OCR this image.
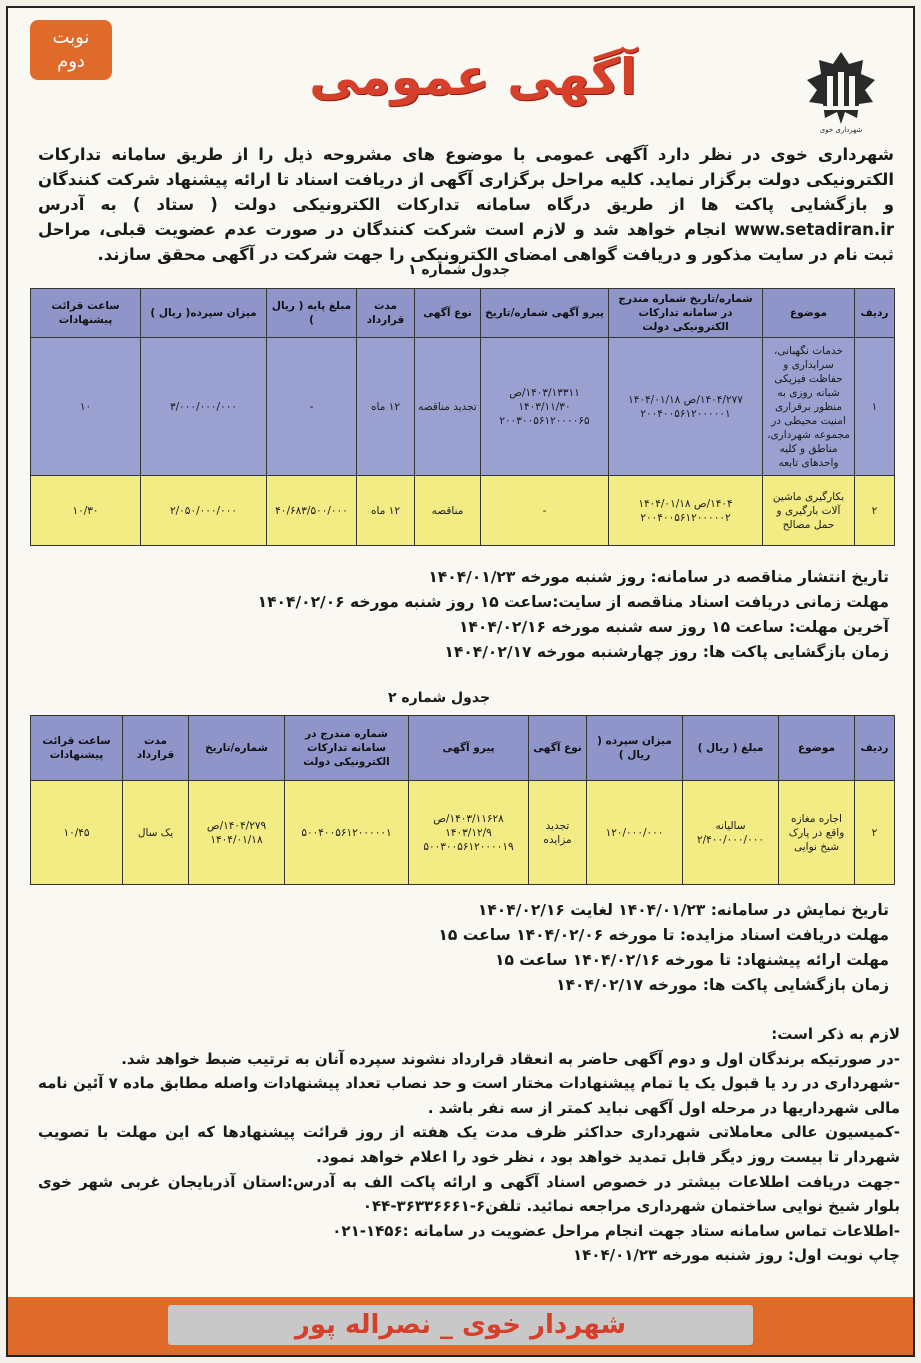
نوبت
دوم	آگهی عمومی
شهرداری خوی
شهرداری خوی در نظر دارد آگهی عمومی با موضوع های مشروحه ذیل را از طریق سامانه تدارکات الکترونیکی دولت برگزار نماید. کلیه مراحل برگزاری آگهی از دریافت اسناد تا ارائه پیشنهاد شرکت کنندگان و بازگشایی پاکت ها از طریق درگاه سامانه تدارکات الکترونیکی دولت ( ستاد ) به آدرس www.setadiran.ir انجام خواهد شد و لازم است شرکت کنندگان در صورت عدم عضویت قبلی، مراحل ثبت نام در سایت مذکور و دریافت گواهی امضای الکترونیکی را جهت شرکت در آگهی محقق سازند.
جدول شماره ۱
ردیف	موضوع	شماره/تاریخ شماره مندرج در سامانه تدارکات الکترونیکی دولت	پیرو آگهی شماره/تاریخ	نوع آگهی	مدت قرارداد	مبلغ پایه ( ریال )	میزان سپرده( ریال )	ساعت قرائت پیشنهادات
۱	خدمات نگهبانی، سرایداری و حفاظت فیزیکی شبانه روزی به منظور برقراری امنیت محیطی در مجموعه شهرداری، مناطق و کلیه واحدهای تابعه	۱۴۰۴/۲۷۷/ص ۱۴۰۴/۰۱/۱۸ ۲۰۰۴۰۰۵۶۱۲۰۰۰۰۰۱	۱۴۰۳/۱۳۳۱۱/ص ۱۴۰۳/۱۱/۳۰ ۲۰۰۳۰۰۵۶۱۲۰۰۰۰۶۵	تجدید مناقصه	۱۲ ماه	-	۳/۰۰۰/۰۰۰/۰۰۰	۱۰
۲	بکارگیری ماشین آلات بارگیری و حمل مصالح	۱۴۰۴/ص ۱۴۰۴/۰۱/۱۸ ۲۰۰۴۰۰۵۶۱۲۰۰۰۰۰۲	-	مناقصه	۱۲ ماه	۴۰/۶۸۳/۵۰۰/۰۰۰	۲/۰۵۰/۰۰۰/۰۰۰	۱۰/۳۰
تاریخ انتشار مناقصه در سامانه: روز شنبه مورخه ۱۴۰۴/۰۱/۲۳
مهلت زمانی دریافت اسناد مناقصه از سایت:ساعت ۱۵ روز شنبه مورخه ۱۴۰۴/۰۲/۰۶
آخرین مهلت: ساعت ۱۵ روز سه شنبه مورخه ۱۴۰۴/۰۲/۱۶
زمان بازگشایی پاکت ها: روز چهارشنبه مورخه ۱۴۰۴/۰۲/۱۷
جدول شماره ۲
ردیف	موضوع	مبلغ ( ریال )	میزان سپرده ( ریال )	نوع آگهی	پیرو آگهی	شماره مندرج در سامانه تدارکات الکترونیکی دولت	شماره/تاریخ	مدت قرارداد	ساعت قرائت پیشنهادات
۲	اجاره مغازه واقع در پارک شیخ نوایی	سالیانه ۲/۴۰۰/۰۰۰/۰۰۰	۱۲۰/۰۰۰/۰۰۰	تجدید مزایده	۱۴۰۳/۱۱۶۲۸/ص ۱۴۰۳/۱۲/۹ ۵۰۰۳۰۰۵۶۱۲۰۰۰۰۱۹	۵۰۰۴۰۰۵۶۱۲۰۰۰۰۰۱	۱۴۰۴/۲۷۹/ص ۱۴۰۴/۰۱/۱۸	یک سال	۱۰/۴۵
تاریخ نمایش در سامانه: ۱۴۰۴/۰۱/۲۳ لغایت ۱۴۰۴/۰۲/۱۶
مهلت دریافت اسناد مزایده: تا مورخه ۱۴۰۴/۰۲/۰۶ ساعت ۱۵
مهلت ارائه پیشنهاد: تا مورخه ۱۴۰۴/۰۲/۱۶ ساعت ۱۵
زمان بازگشایی پاکت ها: مورخه ۱۴۰۴/۰۲/۱۷

لازم به ذکر است:

-در صورتیکه برندگان اول و دوم آگهی حاضر به انعقاد قرارداد نشوند سپرده آنان به ترتیب ضبط خواهد شد.

-شهرداری در رد یا قبول یک یا تمام پیشنهادات مختار است و حد نصاب تعداد پیشنهادات واصله مطابق ماده ۷ آئین نامه مالی شهرداریها در مرحله اول آگهی نباید کمتر از سه نفر باشد .

-کمیسیون عالی معاملاتی شهرداری حداکثر ظرف مدت یک هفته از روز قرائت پیشنهادها که این مهلت با تصویب شهردار تا بیست روز دیگر قابل تمدید خواهد بود ، نظر خود را اعلام خواهد نمود.

-جهت دریافت اطلاعات بیشتر در خصوص اسناد آگهی و ارائه پاکت الف به آدرس:استان آذربایجان غربی شهر خوی بلوار شیخ نوایی ساختمان شهرداری مراجعه نمائید. تلفن۶-۳۶۳۳۶۶۶۱-۰۴۴

-اطلاعات تماس سامانه ستاد جهت انجام مراحل عضویت در سامانه :۱۴۵۶-۰۲۱

چاپ نوبت اول: روز شنبه مورخه ۱۴۰۴/۰۱/۲۳

شهردار خوی _ نصراله پور
